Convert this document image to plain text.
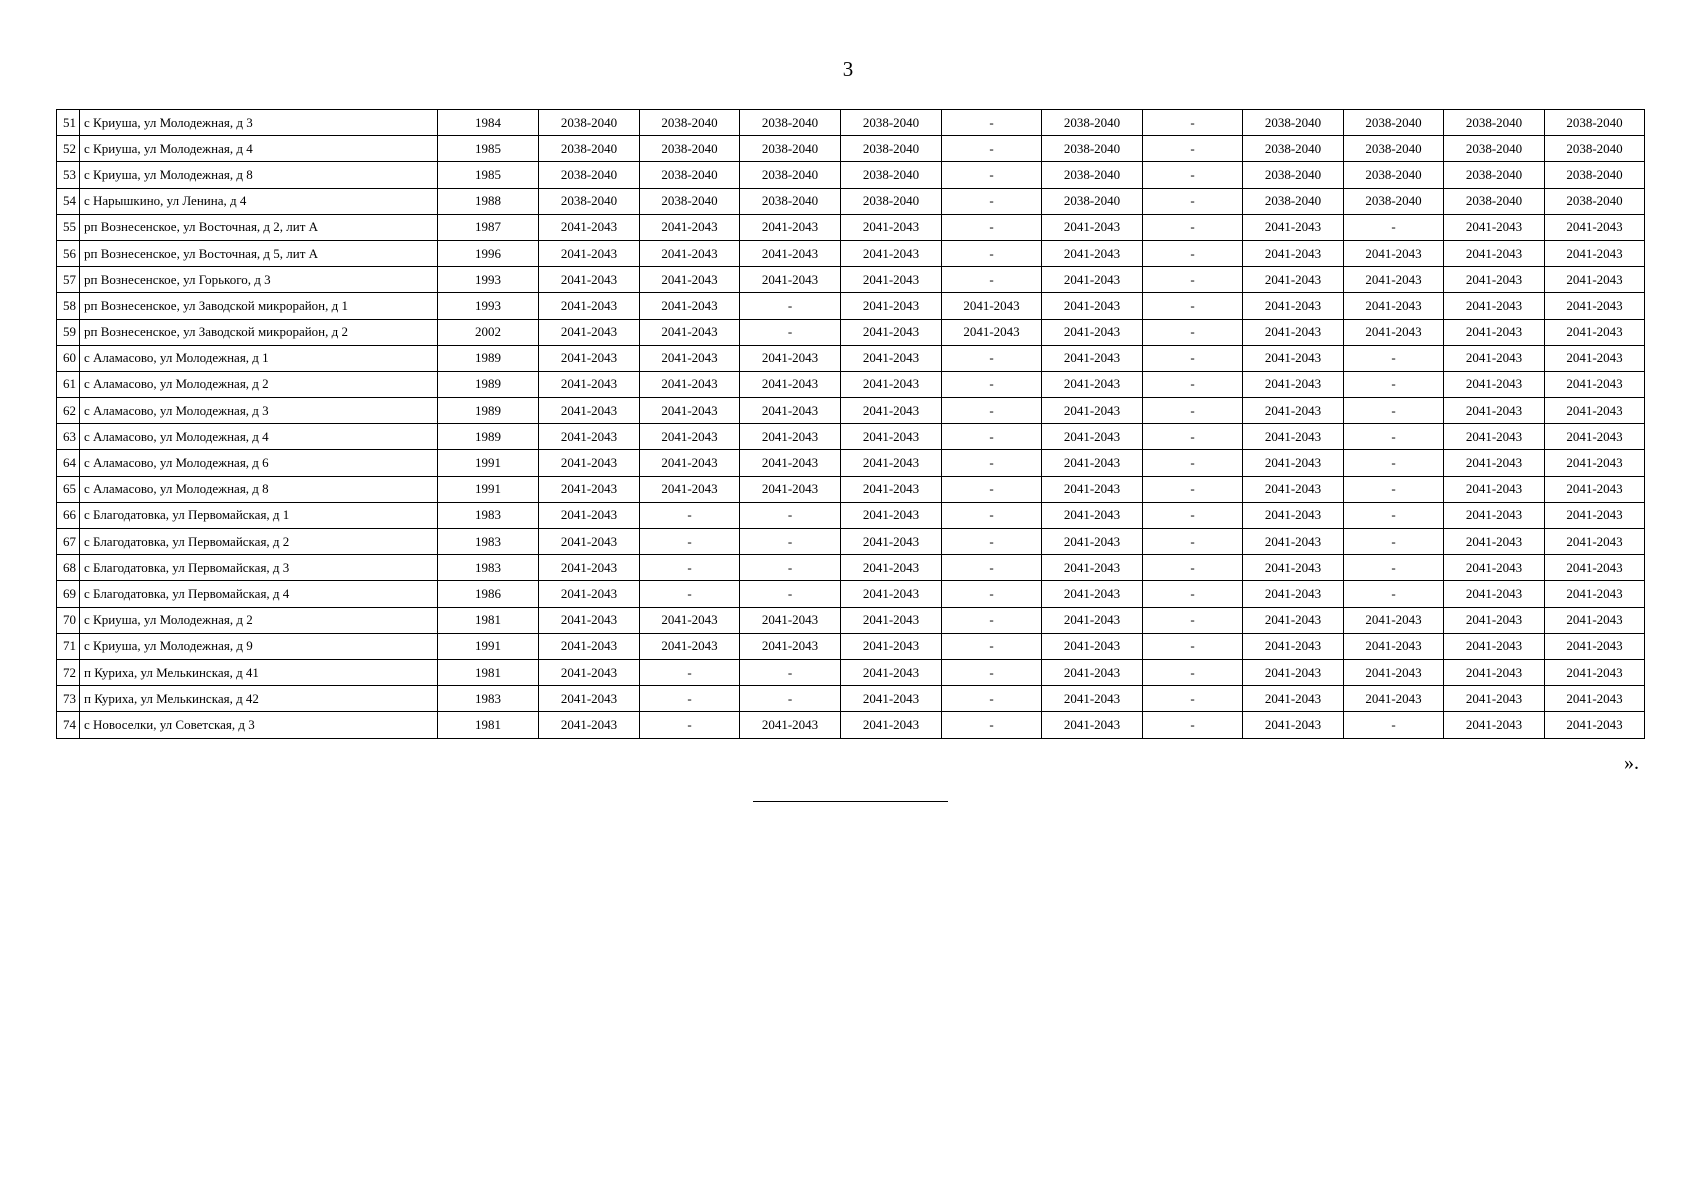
3
51	с Криуша, ул Молодежная, д 3	1984	2038-2040	2038-2040	2038-2040	2038-2040	-	2038-2040	-	2038-2040	2038-2040	2038-2040	2038-2040
52	с Криуша, ул Молодежная, д 4	1985	2038-2040	2038-2040	2038-2040	2038-2040	-	2038-2040	-	2038-2040	2038-2040	2038-2040	2038-2040
53	с Криуша, ул Молодежная, д 8	1985	2038-2040	2038-2040	2038-2040	2038-2040	-	2038-2040	-	2038-2040	2038-2040	2038-2040	2038-2040
54	с Нарышкино, ул Ленина, д 4	1988	2038-2040	2038-2040	2038-2040	2038-2040	-	2038-2040	-	2038-2040	2038-2040	2038-2040	2038-2040
55	рп Вознесенское, ул Восточная, д 2, лит А	1987	2041-2043	2041-2043	2041-2043	2041-2043	-	2041-2043	-	2041-2043	-	2041-2043	2041-2043
56	рп Вознесенское, ул Восточная, д 5, лит А	1996	2041-2043	2041-2043	2041-2043	2041-2043	-	2041-2043	-	2041-2043	2041-2043	2041-2043	2041-2043
57	рп Вознесенское, ул Горького, д 3	1993	2041-2043	2041-2043	2041-2043	2041-2043	-	2041-2043	-	2041-2043	2041-2043	2041-2043	2041-2043
58	рп Вознесенское, ул Заводской микрорайон, д 1	1993	2041-2043	2041-2043	-	2041-2043	2041-2043	2041-2043	-	2041-2043	2041-2043	2041-2043	2041-2043
59	рп Вознесенское, ул Заводской микрорайон, д 2	2002	2041-2043	2041-2043	-	2041-2043	2041-2043	2041-2043	-	2041-2043	2041-2043	2041-2043	2041-2043
60	с Аламасово, ул Молодежная, д 1	1989	2041-2043	2041-2043	2041-2043	2041-2043	-	2041-2043	-	2041-2043	-	2041-2043	2041-2043
61	с Аламасово, ул Молодежная, д 2	1989	2041-2043	2041-2043	2041-2043	2041-2043	-	2041-2043	-	2041-2043	-	2041-2043	2041-2043
62	с Аламасово, ул Молодежная, д 3	1989	2041-2043	2041-2043	2041-2043	2041-2043	-	2041-2043	-	2041-2043	-	2041-2043	2041-2043
63	с Аламасово, ул Молодежная, д 4	1989	2041-2043	2041-2043	2041-2043	2041-2043	-	2041-2043	-	2041-2043	-	2041-2043	2041-2043
64	с Аламасово, ул Молодежная, д 6	1991	2041-2043	2041-2043	2041-2043	2041-2043	-	2041-2043	-	2041-2043	-	2041-2043	2041-2043
65	с Аламасово, ул Молодежная, д 8	1991	2041-2043	2041-2043	2041-2043	2041-2043	-	2041-2043	-	2041-2043	-	2041-2043	2041-2043
66	с Благодатовка, ул Первомайская, д 1	1983	2041-2043	-	-	2041-2043	-	2041-2043	-	2041-2043	-	2041-2043	2041-2043
67	с Благодатовка, ул Первомайская, д 2	1983	2041-2043	-	-	2041-2043	-	2041-2043	-	2041-2043	-	2041-2043	2041-2043
68	с Благодатовка, ул Первомайская, д 3	1983	2041-2043	-	-	2041-2043	-	2041-2043	-	2041-2043	-	2041-2043	2041-2043
69	с Благодатовка, ул Первомайская, д 4	1986	2041-2043	-	-	2041-2043	-	2041-2043	-	2041-2043	-	2041-2043	2041-2043
70	с Криуша, ул Молодежная, д 2	1981	2041-2043	2041-2043	2041-2043	2041-2043	-	2041-2043	-	2041-2043	2041-2043	2041-2043	2041-2043
71	с Криуша, ул Молодежная, д 9	1991	2041-2043	2041-2043	2041-2043	2041-2043	-	2041-2043	-	2041-2043	2041-2043	2041-2043	2041-2043
72	п Куриха, ул Мелькинская, д 41	1981	2041-2043	-	-	2041-2043	-	2041-2043	-	2041-2043	2041-2043	2041-2043	2041-2043
73	п Куриха, ул Мелькинская, д 42	1983	2041-2043	-	-	2041-2043	-	2041-2043	-	2041-2043	2041-2043	2041-2043	2041-2043
74	с Новоселки, ул Советская, д 3	1981	2041-2043	-	2041-2043	2041-2043	-	2041-2043	-	2041-2043	-	2041-2043	2041-2043
».
